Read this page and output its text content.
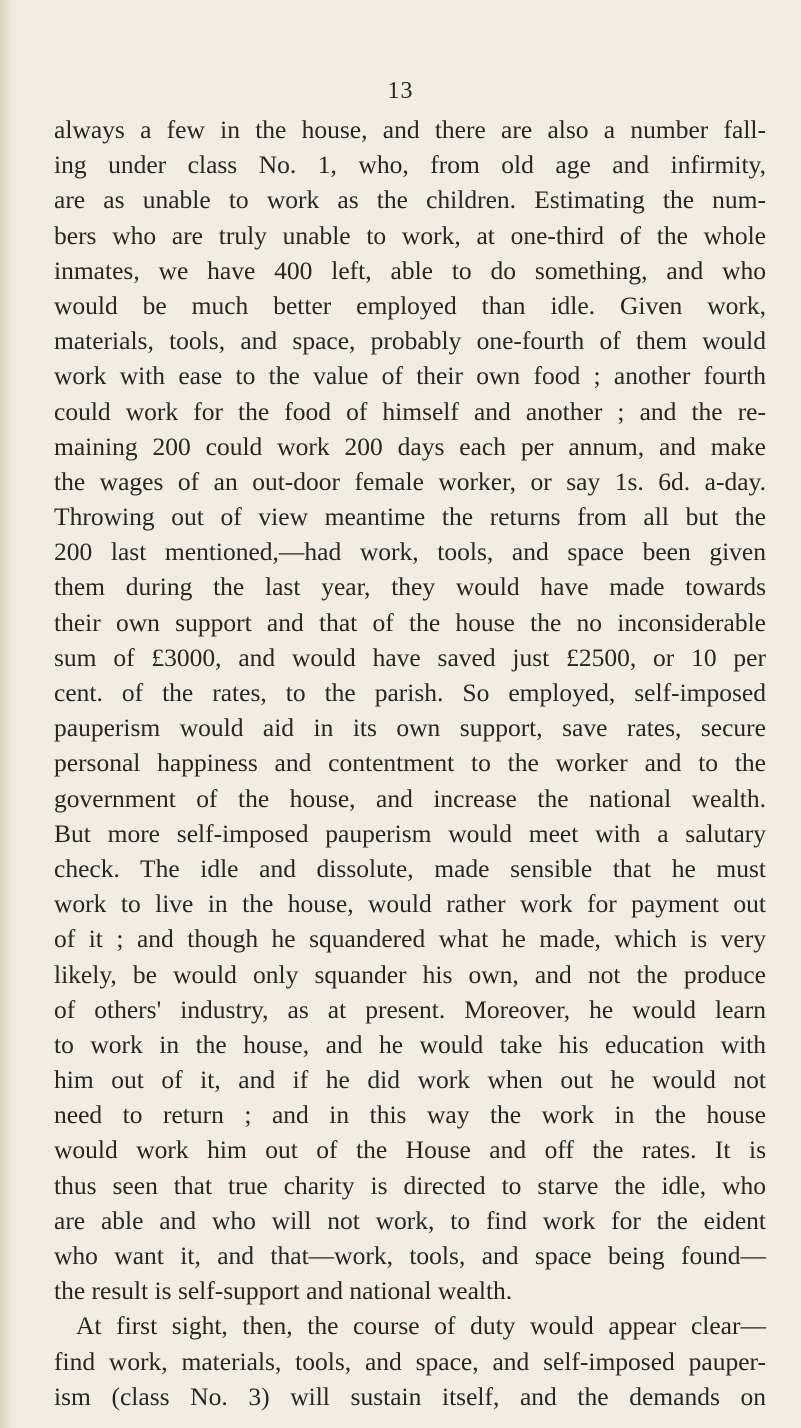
13
always a few in the house, and there are also a number fall-
ing under class No. 1, who, from old age and infirmity,
are as unable to work as the children. Estimating the num-
bers who are truly unable to work, at one-third of the whole
inmates, we have 400 left, able to do something, and who
would be much better employed than idle. Given work,
materials, tools, and space, probably one-fourth of them would
work with ease to the value of their own food ; another fourth
could work for the food of himself and another ; and the re-
maining 200 could work 200 days each per annum, and make
the wages of an out-door female worker, or say 1s. 6d. a-day.
Throwing out of view meantime the returns from all but the
200 last mentioned,—had work, tools, and space been given
them during the last year, they would have made towards
their own support and that of the house the no inconsiderable
sum of £3000, and would have saved just £2500, or 10 per
cent. of the rates, to the parish. So employed, self-imposed
pauperism would aid in its own support, save rates, secure
personal happiness and contentment to the worker and to the
government of the house, and increase the national wealth.
But more self-imposed pauperism would meet with a salutary
check. The idle and dissolute, made sensible that he must
work to live in the house, would rather work for payment out
of it ; and though he squandered what he made, which is very
likely, be would only squander his own, and not the produce
of others' industry, as at present. Moreover, he would learn
to work in the house, and he would take his education with
him out of it, and if he did work when out he would not
need to return ; and in this way the work in the house
would work him out of the House and off the rates. It is
thus seen that true charity is directed to starve the idle, who
are able and who will not work, to find work for the eident
who want it, and that—work, tools, and space being found—
the result is self-support and national wealth.
At first sight, then, the course of duty would appear clear—
find work, materials, tools, and space, and self-imposed pauper-
ism (class No. 3) will sustain itself, and the demands on
